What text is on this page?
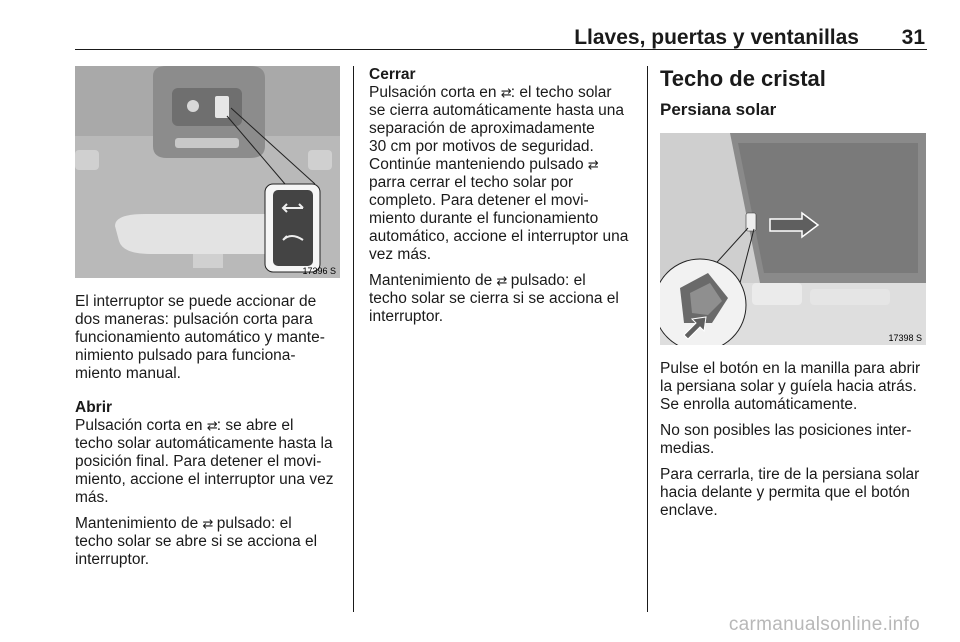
Llaves, puertas y ventanillas 31
17396 S
17398 S

El interruptor se puede accionar de
dos maneras: pulsación corta para
funcionamiento automático y mante-
nimiento pulsado para funciona-
miento manual.

Abrir

Pulsación corta en ⇄: se abre el
techo solar automáticamente hasta la
posición final. Para detener el movi-
miento, accione el interruptor una vez
más.

Mantenimiento de ⇄ pulsado: el
techo solar se abre si se acciona el
interruptor.

Cerrar

Pulsación corta en ⇄: el techo solar
se cierra automáticamente hasta una
separación de aproximadamente
30 cm por motivos de seguridad.
Continúe manteniendo pulsado ⇄
parra cerrar el techo solar por
completo. Para detener el movi-
miento durante el funcionamiento
automático, accione el interruptor una
vez más.

Mantenimiento de ⇄ pulsado: el
techo solar se cierra si se acciona el
interruptor.

Techo de cristal
Persiana solar

Pulse el botón en la manilla para abrir
la persiana solar y guíela hacia atrás.
Se enrolla automáticamente.

No son posibles las posiciones inter-
medias.

Para cerrarla, tire de la persiana solar
hacia delante y permita que el botón
enclave.

carmanualsonline.info
